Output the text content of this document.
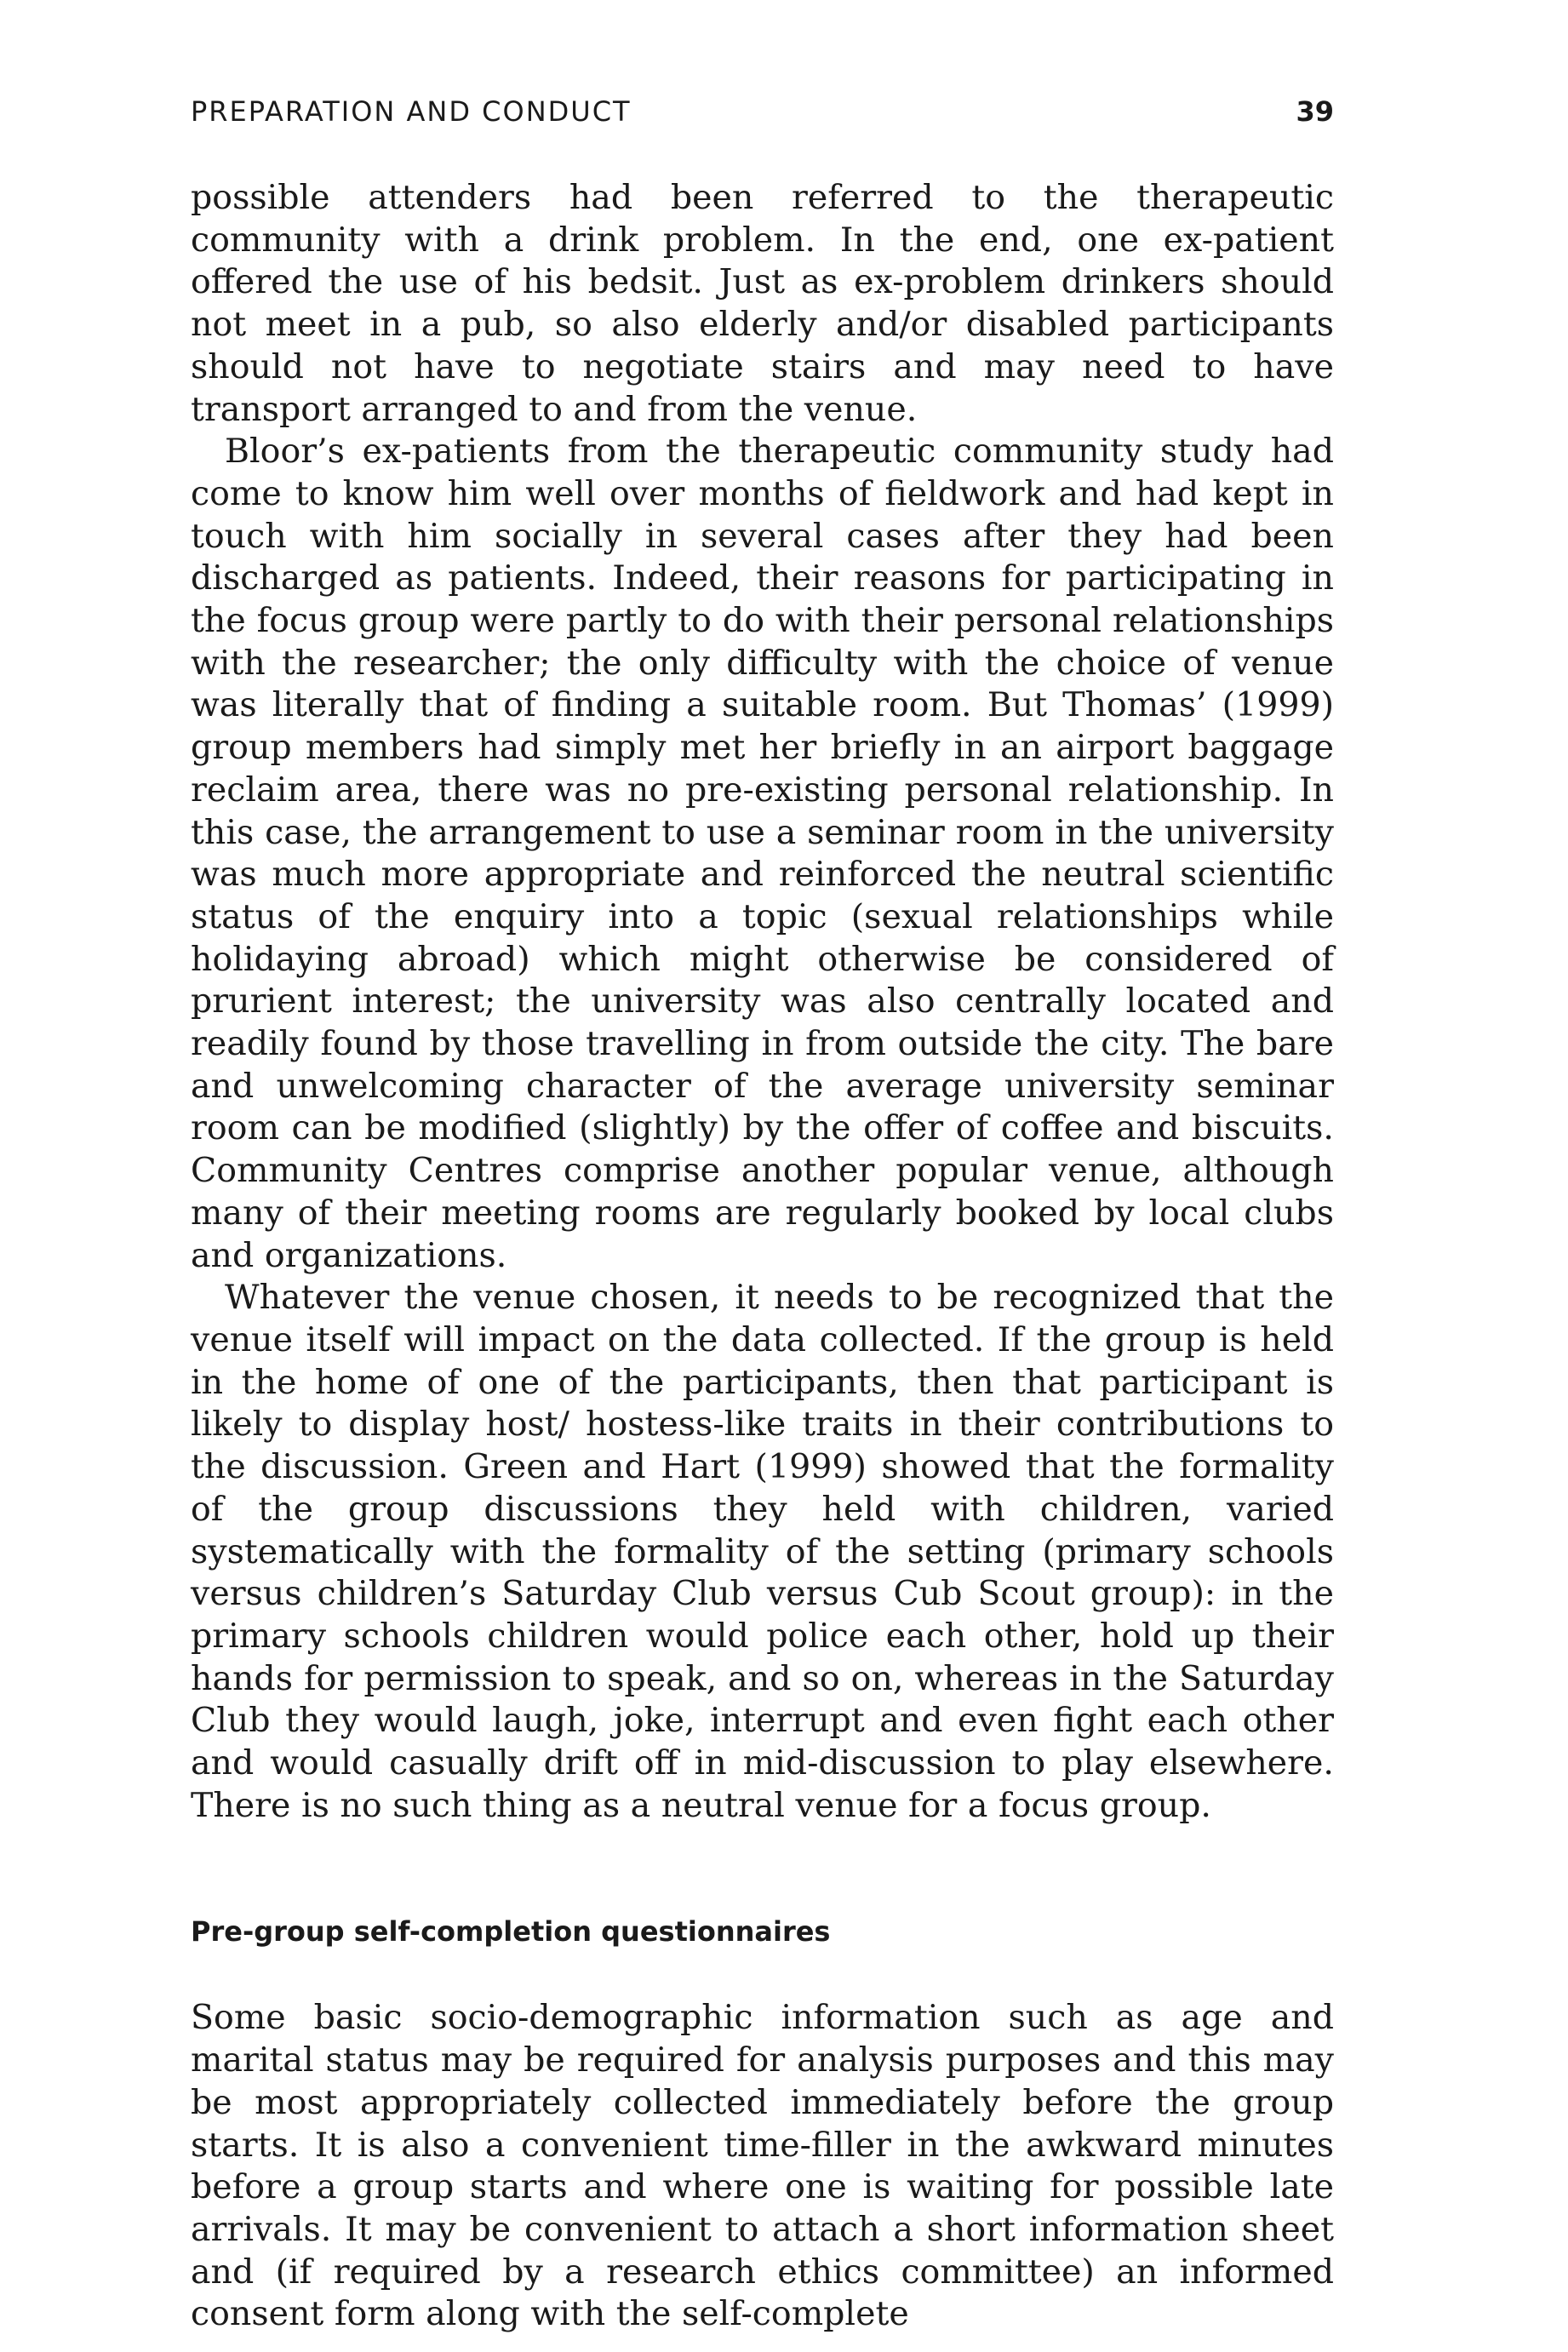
PREPARATION AND CONDUCT	39

possible attenders had been referred to the therapeutic community with a drink problem. In the end, one ex-patient offered the use of his bedsit. Just as ex-problem drinkers should not meet in a pub, so also elderly and/or disabled participants should not have to negotiate stairs and may need to have transport arranged to and from the venue.

Bloor’s ex-patients from the therapeutic community study had come to know him well over months of fieldwork and had kept in touch with him socially in several cases after they had been discharged as patients. Indeed, their reasons for participating in the focus group were partly to do with their personal relationships with the researcher; the only difficulty with the choice of venue was literally that of finding a suitable room. But Thomas’ (1999) group members had simply met her briefly in an airport baggage reclaim area, there was no pre-existing personal relationship. In this case, the arrangement to use a seminar room in the university was much more appropriate and reinforced the neutral scientific status of the enquiry into a topic (sexual relationships while holidaying abroad) which might otherwise be considered of prurient interest; the university was also centrally located and readily found by those travelling in from outside the city. The bare and unwelcoming character of the average university seminar room can be modified (slightly) by the offer of coffee and biscuits. Community Centres comprise another popular venue, although many of their meeting rooms are regularly booked by local clubs and organizations.

Whatever the venue chosen, it needs to be recognized that the venue itself will impact on the data collected. If the group is held in the home of one of the participants, then that participant is likely to display host/ hostess-like traits in their contributions to the discussion. Green and Hart (1999) showed that the formality of the group discussions they held with children, varied systematically with the formality of the setting (primary schools versus children’s Saturday Club versus Cub Scout group): in the primary schools children would police each other, hold up their hands for permission to speak, and so on, whereas in the Saturday Club they would laugh, joke, interrupt and even fight each other and would casually drift off in mid-discussion to play elsewhere. There is no such thing as a neutral venue for a focus group.

Pre-group self-completion questionnaires

Some basic socio-demographic information such as age and marital status may be required for analysis purposes and this may be most appropriately collected immediately before the group starts. It is also a convenient time-filler in the awkward minutes before a group starts and where one is waiting for possible late arrivals. It may be convenient to attach a short information sheet and (if required by a research ethics committee) an informed consent form along with the self-complete
